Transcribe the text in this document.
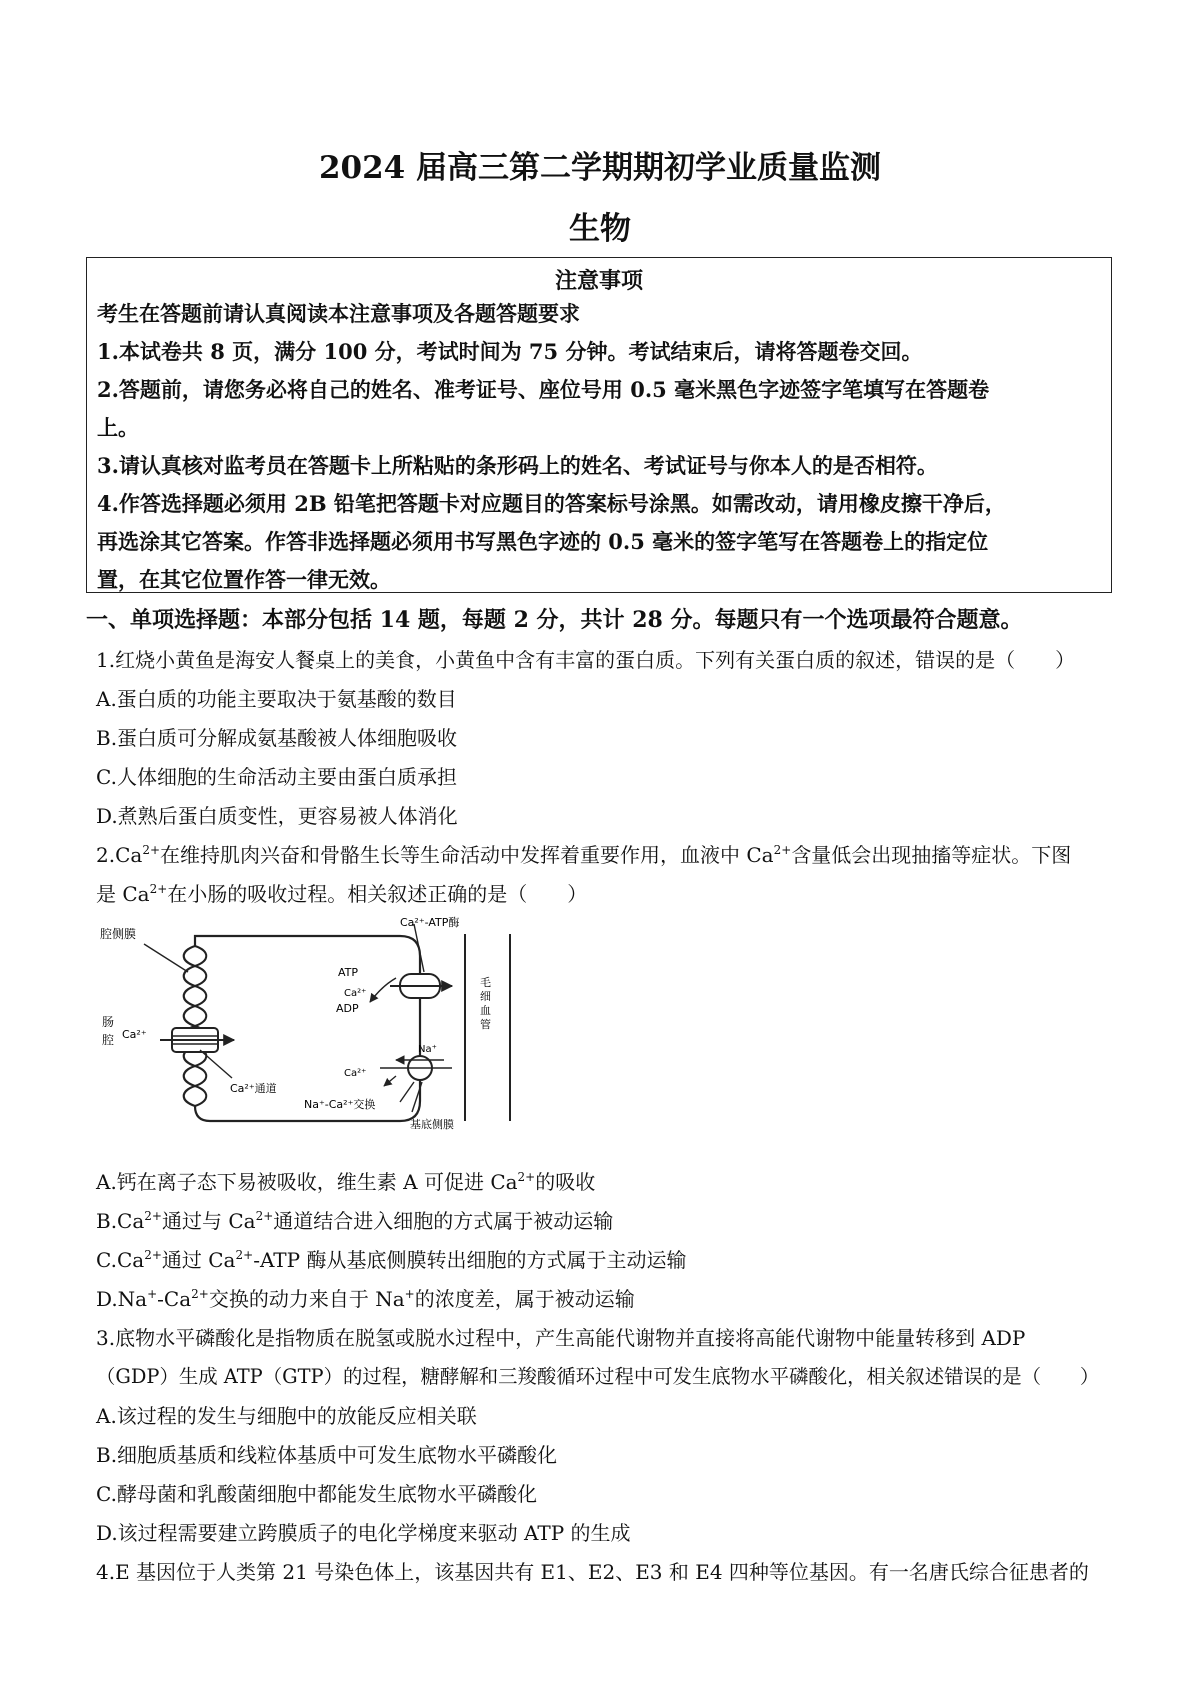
2024 届高三第二学期期初学业质量监测
生物
注意事项

考生在答题前请认真阅读本注意事项及各题答题要求

1.本试卷共 8 页，满分 100 分，考试时间为 75 分钟。考试结束后，请将答题卷交回。

2.答题前，请您务必将自己的姓名、准考证号、座位号用 0.5 毫米黑色字迹签字笔填写在答题卷

上。

3.请认真核对监考员在答题卡上所粘贴的条形码上的姓名、考试证号与你本人的是否相符。

4.作答选择题必须用 2B 铅笔把答题卡对应题目的答案标号涂黑。如需改动，请用橡皮擦干净后，

再选涂其它答案。作答非选择题必须用书写黑色字迹的 0.5 毫米的签字笔写在答题卷上的指定位

置，在其它位置作答一律无效。

一、单项选择题：本部分包括 14 题，每题 2 分，共计 28 分。每题只有一个选项最符合题意。
1.红烧小黄鱼是海安人餐桌上的美食，小黄鱼中含有丰富的蛋白质。下列有关蛋白质的叙述，错误的是（　　）
A.蛋白质的功能主要取决于氨基酸的数目
B.蛋白质可分解成氨基酸被人体细胞吸收
C.人体细胞的生命活动主要由蛋白质承担
D.煮熟后蛋白质变性，更容易被人体消化
$2.Ca^{2+}$在维持肌肉兴奋和骨骼生长等生命活动中发挥着重要作用，血液中 $Ca^{2+}$含量低会出现抽搐等症状。下图
是 $Ca^{2+}$在小肠的吸收过程。相关叙述正确的是（　　）
腔侧膜
肠
腔 Ca²⁺
Ca²⁺通道
Ca²⁺-ATP酶
ATP
Ca²⁺
ADP
Na⁺
Ca²⁺
Na⁺-Ca²⁺交换
基底侧膜
毛
细
血
管
A.钙在离子态下易被吸收，维生素 A 可促进 $Ca^{2+}$的吸收
$B.Ca^{2+}$通过与 $Ca^{2+}$通道结合进入细胞的方式属于被动运输
$C.Ca^{2+}$通过 $Ca^{2+}$-ATP 酶从基底侧膜转出细胞的方式属于主动运输
$D.Na^+-Ca^{2+}$交换的动力来自于 Na+的浓度差，属于被动运输
3.底物水平磷酸化是指物质在脱氢或脱水过程中，产生高能代谢物并直接将高能代谢物中能量转移到 ADP
（GDP）生成 ATP（GTP）的过程，糖酵解和三羧酸循环过程中可发生底物水平磷酸化，相关叙述错误的是（　　）
A.该过程的发生与细胞中的放能反应相关联
B.细胞质基质和线粒体基质中可发生底物水平磷酸化
C.酵母菌和乳酸菌细胞中都能发生底物水平磷酸化
D.该过程需要建立跨膜质子的电化学梯度来驱动 ATP 的生成
4.E 基因位于人类第 21 号染色体上，该基因共有 E1、E2、E3 和 E4 四种等位基因。有一名唐氏综合征患者的
